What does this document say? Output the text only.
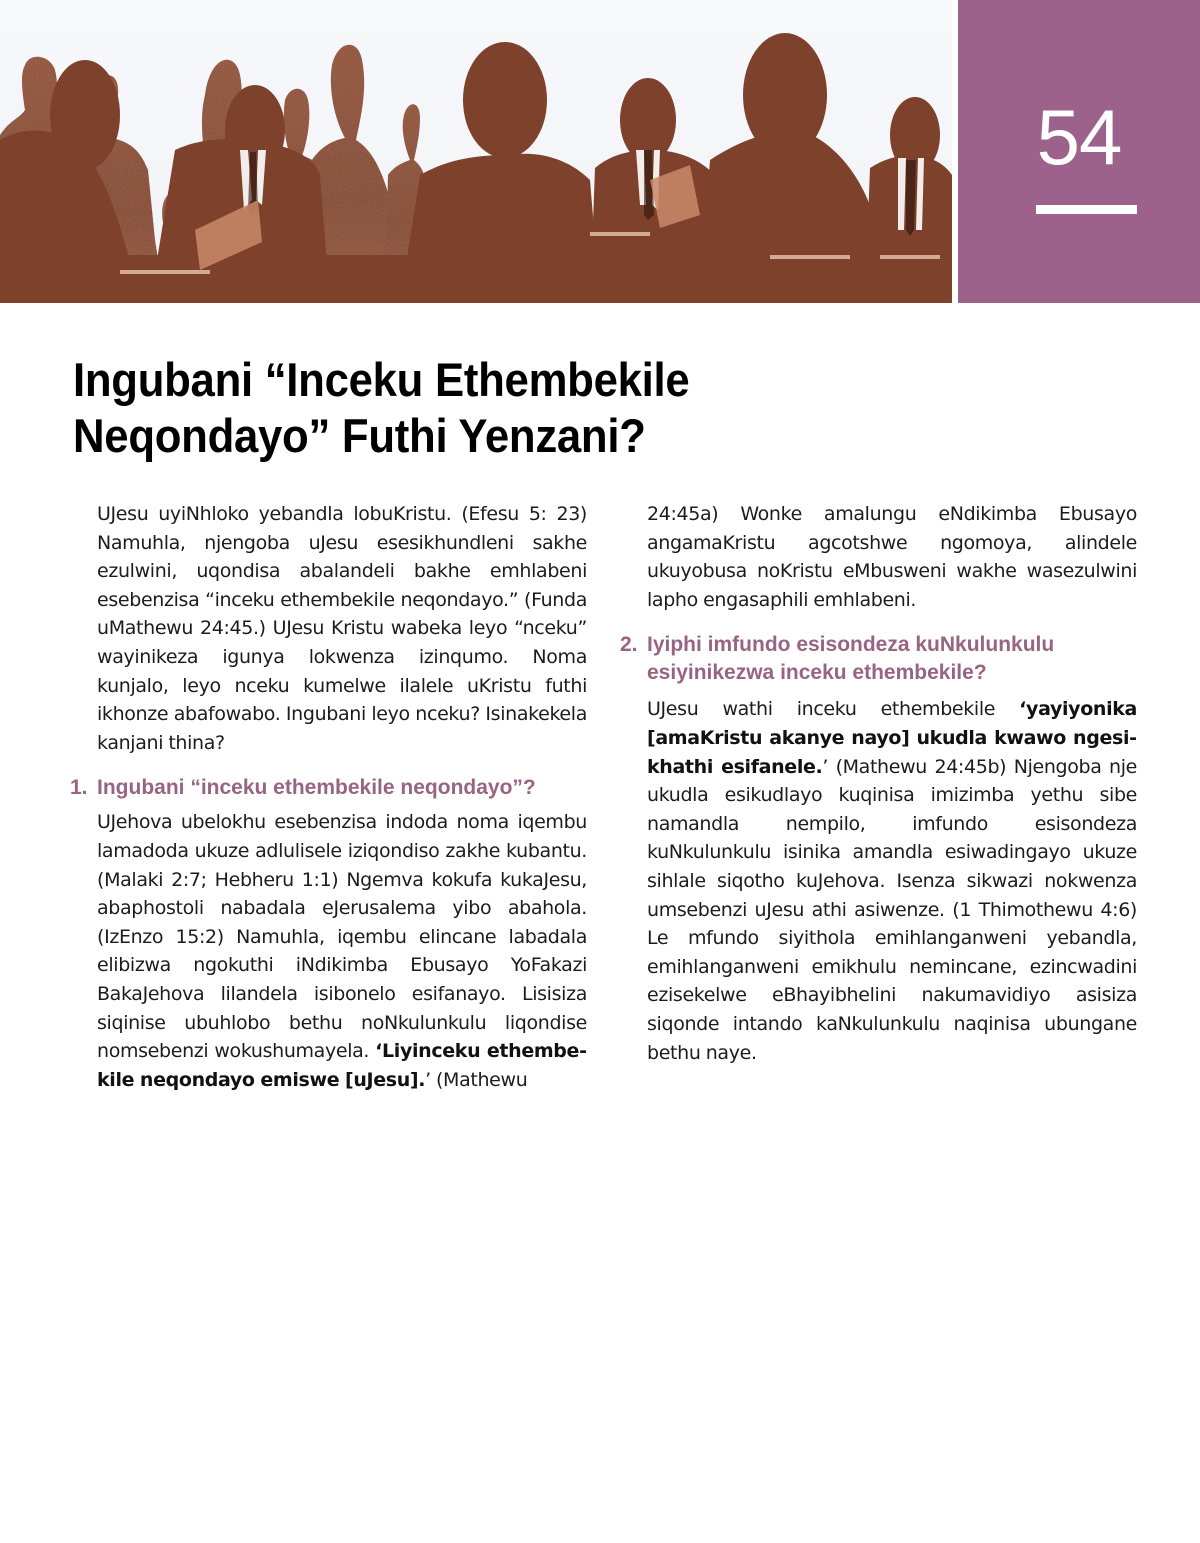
54
Ingubani “Inceku Ethembekile
Neqondayo” Futhi Yenzani?

UJesu uyiNhloko yebandla lobuKristu. (Efesu 5: 23) Namuhla, njengoba uJesu esesikhundleni sakhe ezulwini, uqondisa abalandeli bakhe emhlabeni esebenzisa “inceku ethembekile neqondayo.” (Funda uMathewu 24:45.) UJesu Kristu wabeka leyo “nceku” wayinikeza igunya lokwenza izinqumo. Noma kunjalo, leyo nceku kumelwe ilalele uKristu futhi ikhonze abafowabo. Ingubani leyo nceku? Isinakekela kanjani thina?

1. Ingubani “inceku ethembekile neqondayo”?

UJehova ubelokhu esebenzisa indoda noma iqembu lamadoda ukuze adlulisele iziqondiso zakhe kubantu. (Malaki 2:7; Hebheru 1:1) Ngemva kokufa kukaJesu, abaphostoli nabadala eJerusalema yibo abahola. (IzEnzo 15:2) Namuhla, iqembu elincane labadala elibizwa ngokuthi iNdikimba Ebusayo YoFakazi BakaJehova lilandela isibonelo esifanayo. Lisisiza siqinise ubuhlobo bethu noNkulunkulu liqondise nomsebenzi wokushumayela. ‘Liyinceku ethembekile neqondayo emiswe [uJesu].’ (Mathewu

24:45a) Wonke amalungu eNdikimba Ebusayo angamaKristu agcotshwe ngomoya, alindele ukuyobusa noKristu eMbusweni wakhe wasezulwini lapho engasaphili emhlabeni.

2. Iyiphi imfundo esisondeza kuNkulunkulu
esiyinikezwa inceku ethembekile?

UJesu wathi inceku ethembekile ‘yayiyonika [amaKristu akanye nayo] ukudla kwawo ngesikhathi esifanele.’ (Mathewu 24:45b) Njengoba nje ukudla esikudlayo kuqinisa imizimba yethu sibe namandla nempilo, imfundo esisondeza kuNkulunkulu isinika amandla esiwadingayo ukuze sihlale siqotho kuJehova. Isenza sikwazi nokwenza umsebenzi uJesu athi asiwenze. (1 Thimothewu 4:6) Le mfundo siyithola emihlanganweni yebandla, emihlanganweni emikhulu nemincane, ezincwadini ezisekelwe eBhayibhelini nakumavidiyo asisiza siqonde intando kaNkulunkulu naqinisa ubungane bethu naye.
